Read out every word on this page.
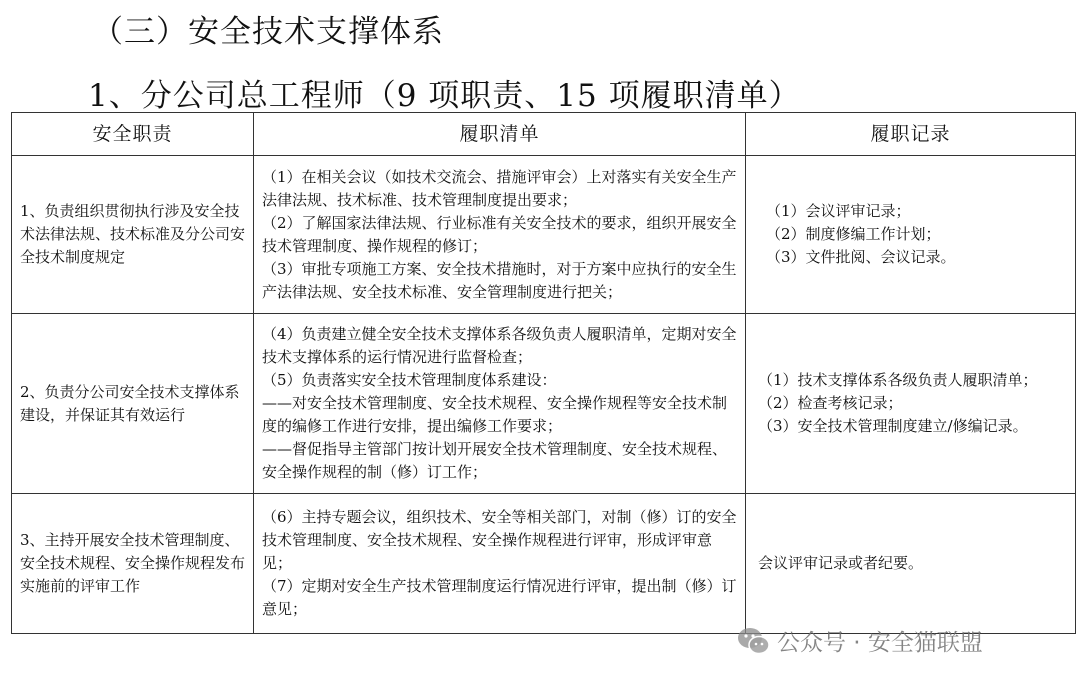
（三）安全技术支撑体系
1、分公司总工程师（9 项职责、15 项履职清单）
安全职责	履职清单	履职记录
1、负责组织贯彻执行涉及安全技术法律法规、技术标准及分公司安全技术制度规定	（1）在相关会议（如技术交流会、措施评审会）上对落实有关安全生产法律法规、技术标准、技术管理制度提出要求；
（2）了解国家法律法规、行业标准有关安全技术的要求，组织开展安全技术管理制度、操作规程的修订；
（3）审批专项施工方案、安全技术措施时，对于方案中应执行的安全生产法律法规、安全技术标准、安全管理制度进行把关；	（1）会议评审记录；
（2）制度修编工作计划；
（3）文件批阅、会议记录。

2、负责分公司安全技术支撑体系建设，并保证其有效运行	（4）负责建立健全安全技术支撑体系各级负责人履职清单，定期对安全技术支撑体系的运行情况进行监督检查；
（5）负责落实安全技术管理制度体系建设：
——对安全技术管理制度、安全技术规程、安全操作规程等安全技术制度的编修工作进行安排，提出编修工作要求；
——督促指导主管部门按计划开展安全技术管理制度、安全技术规程、安全操作规程的制（修）订工作；	（1）技术支撑体系各级负责人履职清单；
（2）检查考核记录；
（3）安全技术管理制度建立/修编记录。

3、主持开展安全技术管理制度、安全技术规程、安全操作规程发布实施前的评审工作	（6）主持专题会议，组织技术、安全等相关部门，对制（修）订的安全技术管理制度、安全技术规程、安全操作规程进行评审，形成评审意见；
（7）定期对安全生产技术管理制度运行情况进行评审，提出制（修）订意见；	会议评审记录或者纪要。
公众号 · 安全猫联盟
